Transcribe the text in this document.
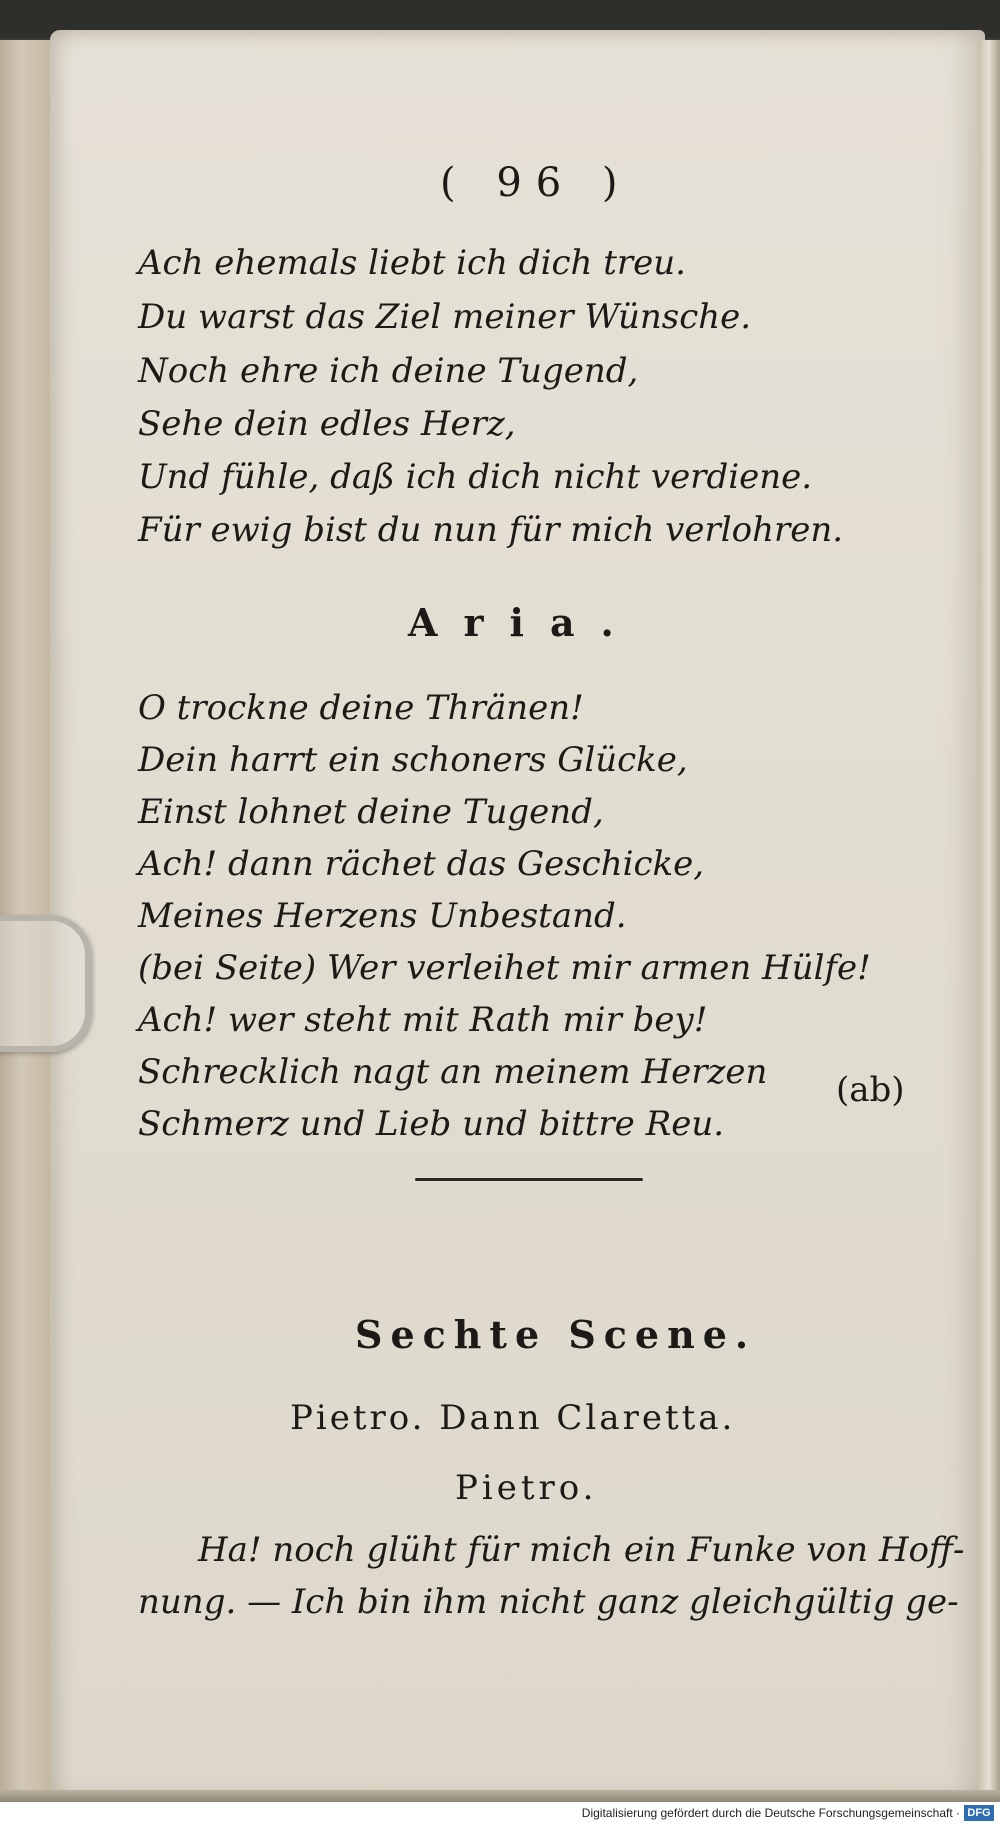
( 96 )
Ach ehemals liebt ich dich treu.
Du warst das Ziel meiner Wünsche.
Noch ehre ich deine Tugend,
Sehe dein edles Herz,
Und fühle, daß ich dich nicht verdiene.
Für ewig bist du nun für mich verlohren.
Aria.
O trockne deine Thränen!
Dein harrt ein schoners Glücke,
Einst lohnet deine Tugend,
Ach! dann rächet das Geschicke,
Meines Herzens Unbestand.
(bei Seite) Wer verleihet mir armen Hülfe!
Ach! wer steht mit Rath mir bey!
Schrecklich nagt an meinem Herzen
Schmerz und Lieb und bittre Reu.
(ab)
Sechte Scene.
Pietro. Dann Claretta.
Pietro.
Ha! noch glüht für mich ein Funke von Hoff-
nung. — Ich bin ihm nicht ganz gleichgültig ge-
Digitalisierung gefördert durch die Deutsche Forschungsgemeinschaft · DFG
